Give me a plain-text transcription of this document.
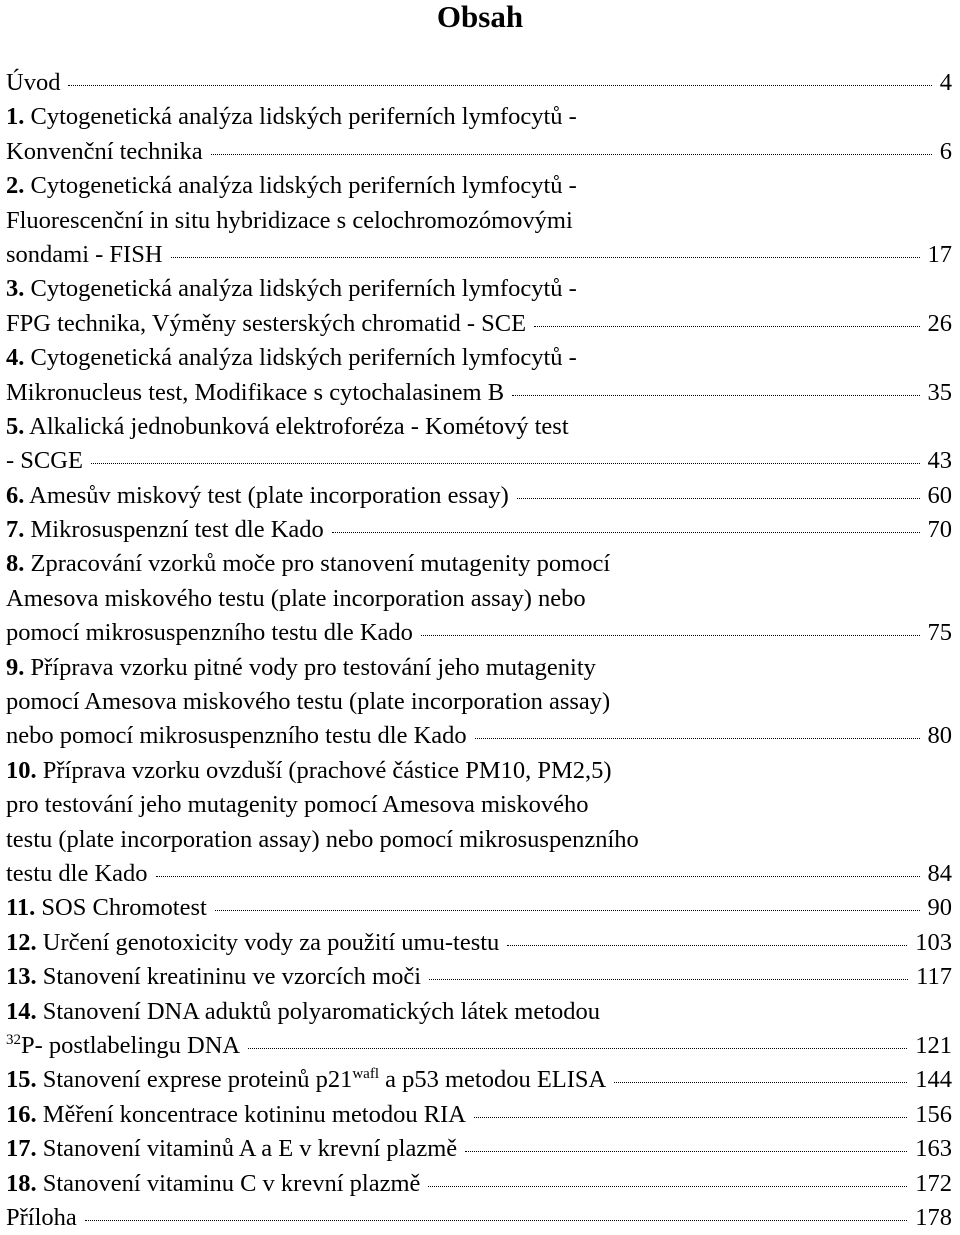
Obsah
Úvod	4
1. Cytogenetická analýza lidských periferních lymfocytů -
Konvenční technika	6
2. Cytogenetická analýza lidských periferních lymfocytů -
Fluorescenční in situ hybridizace s celochromozómovými
sondami - FISH	17
3. Cytogenetická analýza lidských periferních lymfocytů -
FPG technika, Výměny sesterských chromatid - SCE	26
4. Cytogenetická analýza lidských periferních lymfocytů -
Mikronucleus test, Modifikace s cytochalasinem B	35
5. Alkalická jednobunková elektroforéza - Kométový test
- SCGE	43
6. Amesův miskový test (plate incorporation essay)	60
7. Mikrosuspenzní test dle Kado	70
8. Zpracování vzorků moče pro stanovení mutagenity pomocí
Amesova miskového testu (plate incorporation assay) nebo
pomocí mikrosuspenzního testu dle Kado	75
9. Příprava vzorku pitné vody pro testování jeho mutagenity
pomocí Amesova miskového testu (plate incorporation assay)
nebo pomocí mikrosuspenzního testu dle Kado	80
10. Příprava vzorku ovzduší (prachové částice PM10, PM2,5)
pro testování jeho mutagenity pomocí Amesova miskového
testu (plate incorporation assay) nebo pomocí mikrosuspenzního
testu dle Kado	84
11. SOS Chromotest	90
12. Určení genotoxicity vody za použití umu-testu	103
13. Stanovení kreatininu ve vzorcích moči	117
14. Stanovení DNA aduktů polyaromatických látek metodou
$^{32}$P- postlabelingu DNA	121
15. Stanovení exprese proteinů $p21^{wafl}$ a p53 metodou ELISA	144
16. Měření koncentrace kotininu metodou RIA	156
17. Stanovení vitaminů A a E v krevní plazmě	163
18. Stanovení vitaminu C v krevní plazmě	172
Příloha	178
